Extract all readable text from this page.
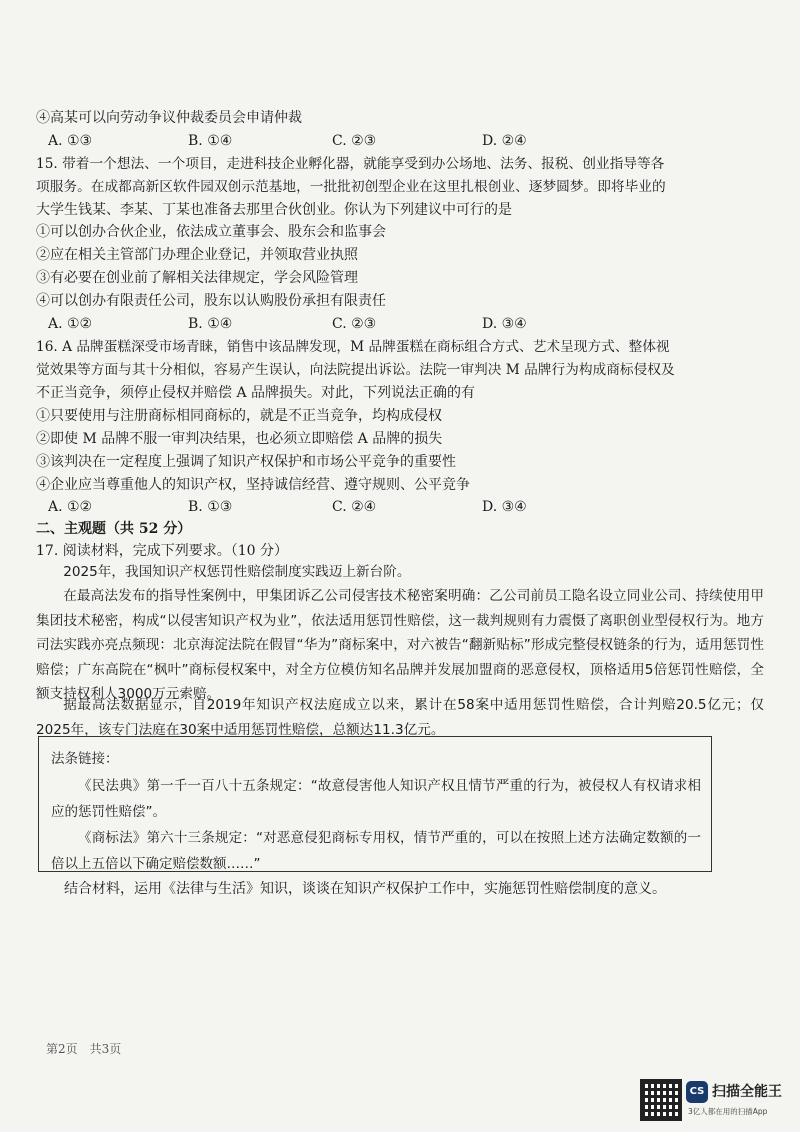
④高某可以向劳动争议仲裁委员会申请仲裁
A. ①③	B. ①④	C. ②③	D. ②④
15. 带着一个想法、一个项目，走进科技企业孵化器，就能享受到办公场地、法务、报税、创业指导等各
项服务。在成都高新区软件园双创示范基地，一批批初创型企业在这里扎根创业、逐梦圆梦。即将毕业的
大学生钱某、李某、丁某也准备去那里合伙创业。你认为下列建议中可行的是
①可以创办合伙企业，依法成立董事会、股东会和监事会
②应在相关主管部门办理企业登记，并领取营业执照
③有必要在创业前了解相关法律规定，学会风险管理
④可以创办有限责任公司，股东以认购股份承担有限责任
A. ①②	B. ①④	C. ②③	D. ③④
16. A 品牌蛋糕深受市场青睐，销售中该品牌发现，M 品牌蛋糕在商标组合方式、艺术呈现方式、整体视
觉效果等方面与其十分相似，容易产生误认，向法院提出诉讼。法院一审判决 M 品牌行为构成商标侵权及
不正当竞争，须停止侵权并赔偿 A 品牌损失。对此，下列说法正确的有
①只要使用与注册商标相同商标的，就是不正当竞争，均构成侵权
②即使 M 品牌不服一审判决结果，也必须立即赔偿 A 品牌的损失
③该判决在一定程度上强调了知识产权保护和市场公平竞争的重要性
④企业应当尊重他人的知识产权，坚持诚信经营、遵守规则、公平竞争
A. ①②	B. ①③	C. ②④	D. ③④
二、主观题（共 52 分）
17. 阅读材料，完成下列要求。（10 分）
2025年，我国知识产权惩罚性赔偿制度实践迈上新台阶。
在最高法发布的指导性案例中，甲集团诉乙公司侵害技术秘密案明确：乙公司前员工隐名设立同业公司、持续使用甲集团技术秘密，构成“以侵害知识产权为业”，依法适用惩罚性赔偿，这一裁判规则有力震慑了离职创业型侵权行为。地方司法实践亦亮点频现：北京海淀法院在假冒“华为”商标案中，对六被告“翻新贴标”形成完整侵权链条的行为，适用惩罚性赔偿；广东高院在“枫叶”商标侵权案中，对全方位模仿知名品牌并发展加盟商的恶意侵权，顶格适用5倍惩罚性赔偿，全额支持权利人3000万元索赔。
据最高法数据显示，自2019年知识产权法庭成立以来，累计在58案中适用惩罚性赔偿，合计判赔20.5亿元；仅2025年，该专门法庭在30案中适用惩罚性赔偿，总额达11.3亿元。
法条链接：

《民法典》第一千一百八十五条规定：“故意侵害他人知识产权且情节严重的行为，被侵权人有权请求相应的惩罚性赔偿”。

《商标法》第六十三条规定：“对恶意侵犯商标专用权，情节严重的，可以在按照上述方法确定数额的一倍以上五倍以下确定赔偿数额……”

结合材料，运用《法律与生活》知识，谈谈在知识产权保护工作中，实施惩罚性赔偿制度的意义。
第2页　共3页
CS 扫描全能王
3亿人都在用的扫描App
